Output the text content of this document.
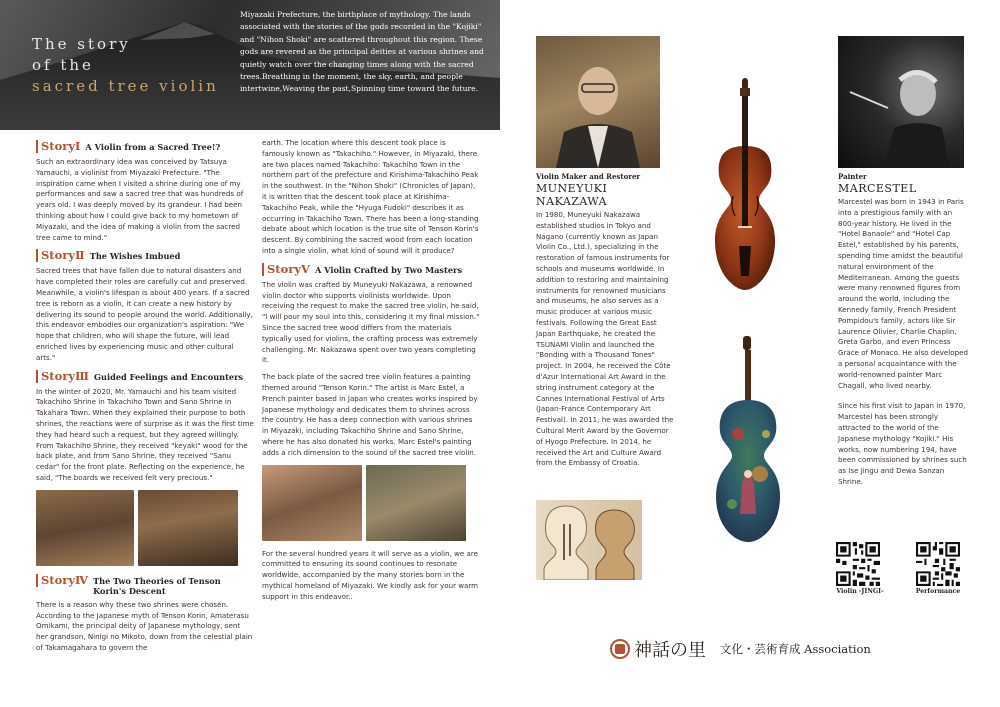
The story
of the
sacred tree violin
Miyazaki Prefecture, the birthplace of mythology. The lands associated with the stories of the gods recorded in the "Kojiki" and "Nihon Shoki" are scattered throughout this region. These gods are revered as the principal deities at various shrines and quietly watch over the changing times along with the sacred trees.Breathing in the moment, the sky, earth, and people intertwine,Weaving the past,Spinning time toward the future.
StoryⅠ A Violin from a Sacred Tree!?
Such an extraordinary idea was conceived by Tatsuya Yamauchi, a violinist from Miyazaki Prefecture. "The inspiration came when I visited a shrine during one of my performances and saw a sacred tree that was hundreds of years old. I was deeply moved by its grandeur. I had been thinking about how I could give back to my hometown of Miyazaki, and the idea of making a violin from the sacred tree came to mind."
StoryⅡ The Wishes Imbued
Sacred trees that have fallen due to natural disasters and have completed their roles are carefully cut and preserved. Meanwhile, a violin's lifespan is about 400 years. If a sacred tree is reborn as a violin, it can create a new history by delivering its sound to people around the world. Additionally, this endeavor embodies our organization's aspiration: "We hope that children, who will shape the future, will lead enriched lives by experiencing music and other cultural arts."
StoryⅢ Guided Feelings and Encounters
In the winter of 2020, Mr. Yamauchi and his team visited Takachiho Shrine in Takachiho Town and Sano Shrine in Takahara Town. When they explained their purpose to both shrines, the reactions were of surprise as it was the first time they had heard such a request, but they agreed willingly. From Takachiho Shrine, they received "keyaki" wood for the back plate, and from Sano Shrine, they received "Sanu cedar" for the front plate. Reflecting on the experience, he said, "The boards we received felt very precious."
StoryⅣ The Two Theories of Tenson Korin's Descent
There is a reason why these two shrines were chosen. According to the Japanese myth of Tenson Korin, Amaterasu Omikami, the principal deity of Japanese mythology, sent her grandson, Ninigi no Mikoto, down from the celestial plain of Takamagahara to govern the
earth. The location where this descent took place is famously known as "Takachiho." However, in Miyazaki, there are two places named Takachiho: Takachiho Town in the northern part of the prefecture and Kirishima-Takachiho Peak in the southwest. In the "Nihon Shoki" (Chronicles of Japan), it is written that the descent took place at Kirishima-Takachiho Peak, while the "Hyuga Fudoki" describes it as occurring in Takachiho Town. There has been a long-standing debate about which location is the true site of Tenson Korin's descent. By combining the sacred wood from each location into a single violin, what kind of sound will it produce?
StoryⅤ A Violin Crafted by Two Masters
The violin was crafted by Muneyuki Nakazawa, a renowned violin doctor who supports violinists worldwide. Upon receiving the request to make the sacred tree violin, he said, "I will pour my soul into this, considering it my final mission." Since the sacred tree wood differs from the materials typically used for violins, the crafting process was extremely challenging. Mr. Nakazawa spent over two years completing it.
The back plate of the sacred tree violin features a painting themed around "Tenson Korin." The artist is Marc Estel, a French painter based in Japan who creates works inspired by Japanese mythology and dedicates them to shrines across the country. He has a deep connection with various shrines in Miyazaki, including Takachiho Shrine and Sano Shrine, where he has also donated his works. Marc Estel's painting adds a rich dimension to the sound of the sacred tree violin.
For the several hundred years it will serve as a violin, we are committed to ensuring its sound continues to resonate worldwide, accompanied by the many stories born in the mythical homeland of Miyazaki. We kindly ask for your warm support in this endeavor..
Violin Maker and Restorer
MUNEYUKI NAKAZAWA
In 1980, Muneyuki Nakazawa established studios in Tokyo and Nagano (currently known as Japan Violin Co., Ltd.), specializing in the restoration of famous instruments for schools and museums worldwide. In addition to restoring and maintaining instruments for renowned musicians and museums, he also serves as a music producer at various music festivals. Following the Great East Japan Earthquake, he created the TSUNAMI Violin and launched the "Bonding with a Thousand Tones" project. In 2004, he received the Côte d'Azur International Art Award in the string instrument category at the Cannes International Festival of Arts (Japan-France Contemporary Art Festival). In 2011, he was awarded the Cultural Merit Award by the Governor of Hyogo Prefecture. In 2014, he received the Art and Culture Award from the Embassy of Croatia.
Painter
MARCESTEL
Marcestel was born in 1943 in Paris into a prestigious family with an 800-year history. He lived in the "Hotel Banaole" and "Hotel Cap Estel," established by his parents, spending time amidst the beautiful natural environment of the Mediterranean. Among the guests were many renowned figures from around the world, including the Kennedy family, French President Pompidou's family, actors like Sir Laurence Olivier, Charlie Chaplin, Greta Garbo, and even Princess Grace of Monaco. He also developed a personal acquaintance with the world-renowned painter Marc Chagall, who lived nearby.
Since his first visit to Japan in 1970, Marcestel has been strongly attracted to the world of the Japanese mythology "Kojiki." His works, now numbering 194, have been commissioned by shrines such as Ise Jingu and Dewa Sanzan Shrine.
Violin -JINGI-	Performance
神話の里 文化・芸術育成 Association
